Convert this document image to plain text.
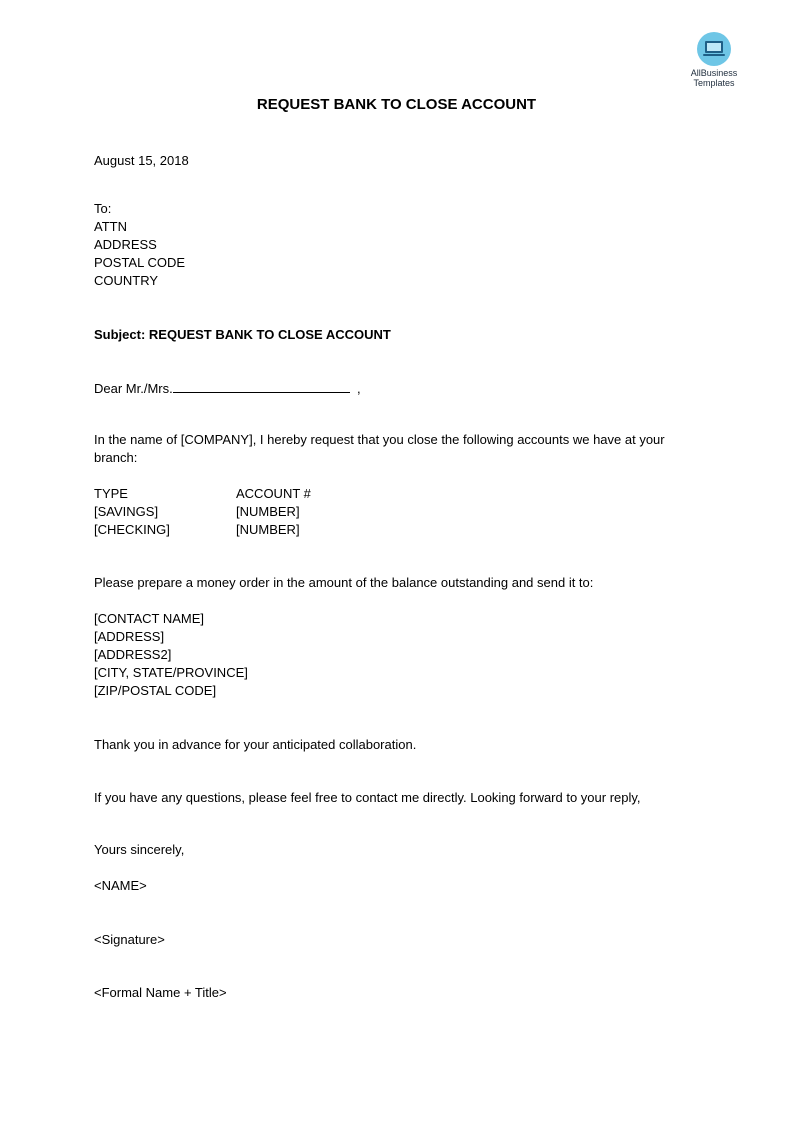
AllBusiness
Templates
REQUEST BANK TO CLOSE ACCOUNT
August 15, 2018
To:
ATTN
ADDRESS
POSTAL CODE
COUNTRY
Subject: REQUEST BANK TO CLOSE ACCOUNT
Dear Mr./Mrs.	,
In the name of [COMPANY], I hereby request that you close the following accounts we have at your branch:
TYPE	ACCOUNT #
[SAVINGS]	[NUMBER]
[CHECKING]	[NUMBER]
Please prepare a money order in the amount of the balance outstanding and send it to:
[CONTACT NAME]
[ADDRESS]
[ADDRESS2]
[CITY, STATE/PROVINCE]
[ZIP/POSTAL CODE]
Thank you in advance for your anticipated collaboration.
If you have any questions, please feel free to contact me directly. Looking forward to your reply,
Yours sincerely,
<NAME>
<Signature>
<Formal Name + Title>
